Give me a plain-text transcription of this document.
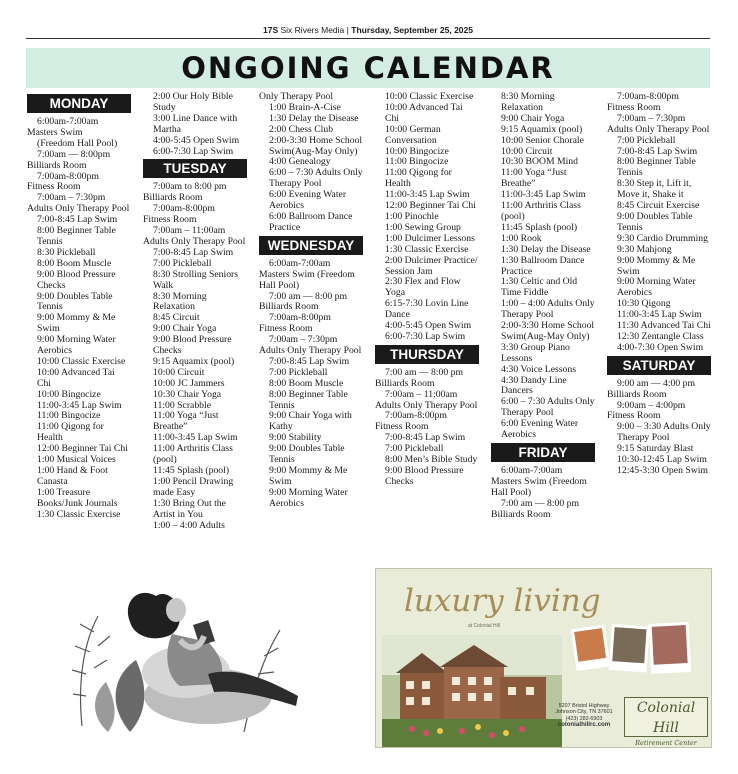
17S Six Rivers Media | Thursday, September 25, 2025
ONGOING CALENDAR
MONDAY

6:00am-7:00am

Masters Swim

(Freedom Hall Pool)

7:00am — 8:00pm

Billiards Room

7:00am-8:00pm

Fitness Room

7:00am – 7:30pm

Adults Only Therapy Pool

7:00-8:45 Lap Swim

8:00 Beginner Table Tennis

8:30 Pickleball

8:00 Boom Muscle

9:00 Blood Pressure Checks

9:00 Doubles Table Tennis

9:00 Mommy & Me Swim

9:00 Morning Water Aerobics

10:00 Classic Exercise

10:00 Advanced Tai Chi

10:00 Bingocize

11:00-3:45 Lap Swim

11:00 Bingocize

11:00 Qigong for Health

12:00 Beginner Tai Chi

1:00 Musical Voices

1:00 Hand & Foot Canasta

1:00 Treasure Books/Junk Journals

1:30 Classic Exercise

2:00 Our Holy Bible Study

3:00 Line Dance with Martha

4:00-5:45 Open Swim

6:00-7:30 Lap Swim

TUESDAY

7:00am to 8:00 pm

Billiards Room

7:00am-8:00pm

Fitness Room

7:00am – 11:00am

Adults Only Therapy Pool

7:00-8:45 Lap Swim

7:00 Pickleball

8:30 Strolling Seniors Walk

8:30 Morning Relaxation

8:45 Circuit

9:00 Chair Yoga

9:00 Blood Pressure Checks

9:15 Aquamix (pool)

10:00 Circuit

10:00 JC Jammers

10:30 Chair Yoga

11:00 Scrabble

11:00 Yoga “Just Breathe”

11:00-3:45 Lap Swim

11:00 Arthritis Class (pool)

11:45 Splash (pool)

1:00 Pencil Drawing made Easy

1:30 Bring Out the Artist in You

1:00 – 4:00 Adults

Only Therapy Pool

1:00 Brain-A-Cise

1:30 Delay the Disease

2:00 Chess Club

2:00-3:30 Home School Swim(Aug-May Only)

4:00 Genealogy

6:00 – 7:30 Adults Only Therapy Pool

6:00 Evening Water Aerobics

6:00 Ballroom Dance Practice

WEDNESDAY

6:00am-7:00am

Masters Swim (Freedom Hall Pool)

7:00 am — 8:00 pm

Billiards Room

7:00am-8:00pm

Fitness Room

7:00am – 7:30pm

Adults Only Therapy Pool

7:00-8:45 Lap Swim

7:00 Pickleball

8:00 Boom Muscle

8:00 Beginner Table Tennis

9:00 Chair Yoga with Kathy

9:00 Stability

9:00 Doubles Table Tennis

9:00 Mommy & Me Swim

9:00 Morning Water Aerobics

10:00 Classic Exercise

10:00 Advanced Tai Chi

10:00 German Conversation

10:00 Bingocize

11:00 Bingocize

11:00 Qigong for Health

11:00-3:45 Lap Swim

12:00 Beginner Tai Chi

1:00 Pinochle

1:00 Sewing Group

1:00 Dulcimer Lessons

1:30 Classic Exercise

2:00 Dulcimer Practice/ Session Jam

2:30 Flex and Flow Yoga

6:15-7:30 Lovin Line Dance

4:00-5:45 Open Swim

6:00-7:30 Lap Swim

THURSDAY

7:00 am — 8:00 pm

Billiards Room

7:00am – 11:00am

Adults Only Therapy Pool

7:00am-8:00pm

Fitness Room

7:00-8:45 Lap Swim

7:00 Pickleball

8:00 Men’s Bible Study

9:00 Blood Pressure Checks

8:30 Morning Relaxation

9:00 Chair Yoga

9:15 Aquamix (pool)

10:00 Senior Chorale

10:00 Circuit

10:30 BOOM Mind

11:00 Yoga “Just Breathe”

11:00-3:45 Lap Swim

11:00 Arthritis Class (pool)

11:45 Splash (pool)

1:00 Rook

1:30 Delay the Disease

1:30 Ballroom Dance Practice

1:30 Celtic and Old Time Fiddle

1:00 – 4:00 Adults Only Therapy Pool

2:00-3:30 Home School Swim(Aug-May Only)

3:30 Group Piano Lessons

4:30 Voice Lessons

4:30 Dandy Line Dancers

6:00 – 7:30 Adults Only Therapy Pool

6:00 Evening Water Aerobics

FRIDAY

6:00am-7:00am

Masters Swim (Freedom Hall Pool)

7:00 am — 8:00 pm

Billiards Room

7:00am-8:00pm

Fitness Room

7:00am – 7:30pm

Adults Only Therapy Pool

7:00 Pickleball

7:00-8:45 Lap Swim

8:00 Beginner Table Tennis

8:30 Step it, Lift it, Move it, Shake it

8:45 Circuit Exercise

9:00 Doubles Table Tennis

9:30 Cardio Drumming

9:30 Mahjong

9:00 Mommy & Me Swim

9:00 Morning Water Aerobics

10:30 Qigong

11:00-3:45 Lap Swim

11:30 Advanced Tai Chi

12:30 Zentangle Class

4:00-7:30 Open Swim

SATURDAY

9:00 am — 4:00 pm

Billiards Room

9:00am – 4:00pm

Fitness Room

9:00 – 3:30 Adults Only Therapy Pool

9:15 Saturday Blast

10:30-12:45 Lap Swim

12:45-3:30 Open Swim

luxury living
at Colonial Hill
5207 Bristol Highway
Johnson City, TN 37601
(423) 282-6903
colonialhillrc.com
Colonial Hill
Retirement Center
